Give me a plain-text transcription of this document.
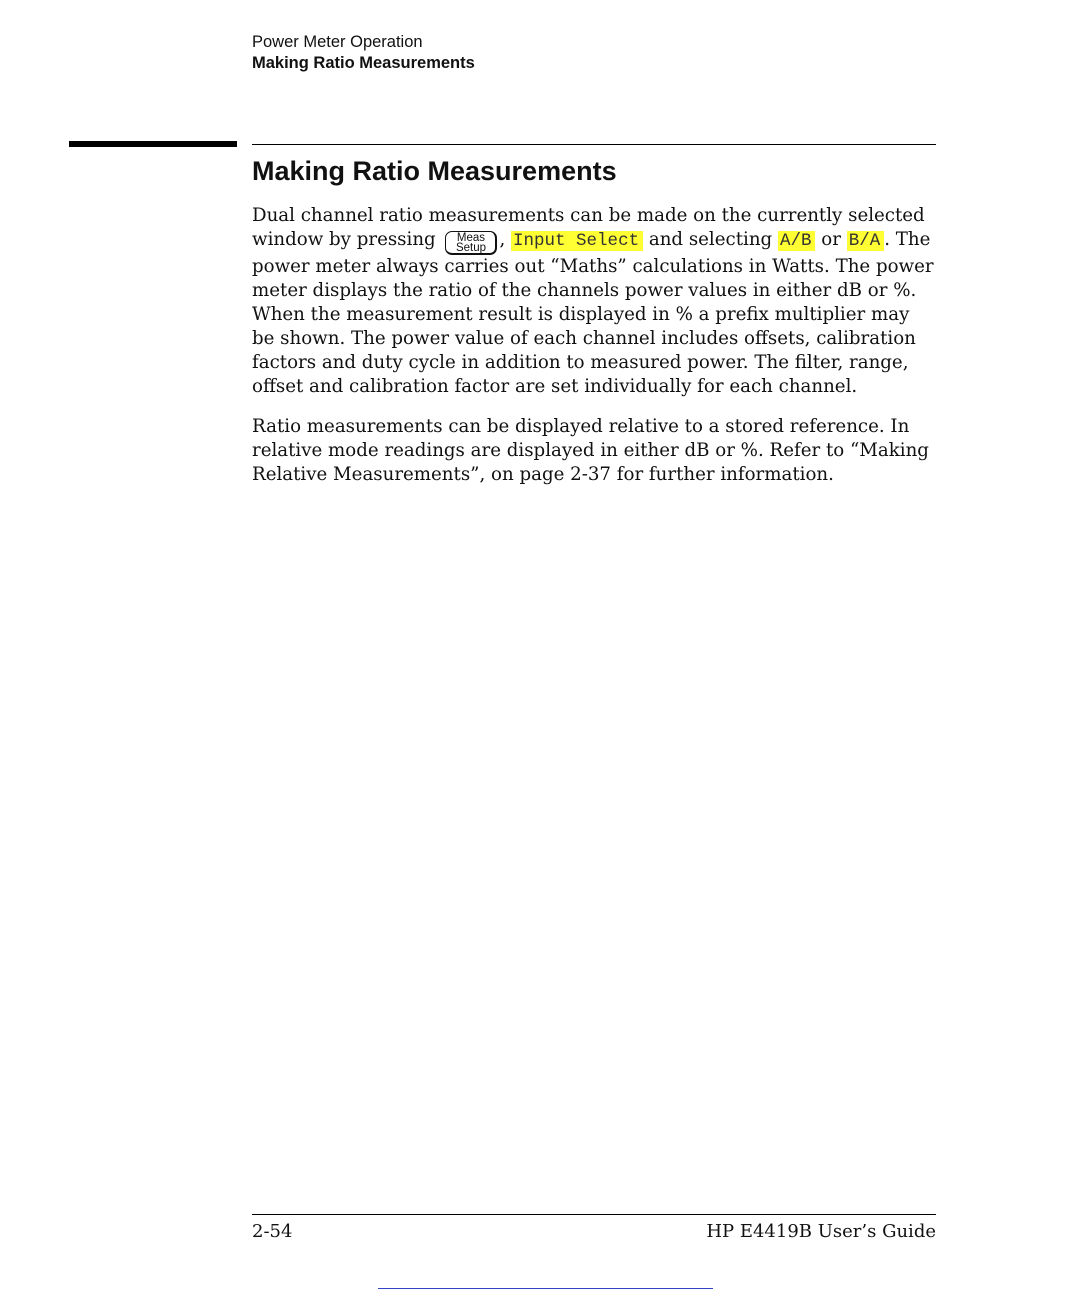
Power Meter Operation
Making Ratio Measurements
Making Ratio Measurements

Dual channel ratio measurements can be made on the currently selected window by pressing	Meas
Setup , Input Select and selecting A/B or B/A . The power meter always carries out “Maths” calculations in Watts. The power meter displays the ratio of the channels power values in either dB or %. When the measurement result is displayed in % a prefix multiplier may be shown. The power value of each channel includes offsets, calibration factors and duty cycle in addition to measured power. The filter, range, offset and calibration factor are set individually for each channel.

Ratio measurements can be displayed relative to a stored reference. In relative mode readings are displayed in either dB or %. Refer to “Making Relative Measurements”, on page 2-37 for further information.

2-54	HP E4419B User’s Guide
